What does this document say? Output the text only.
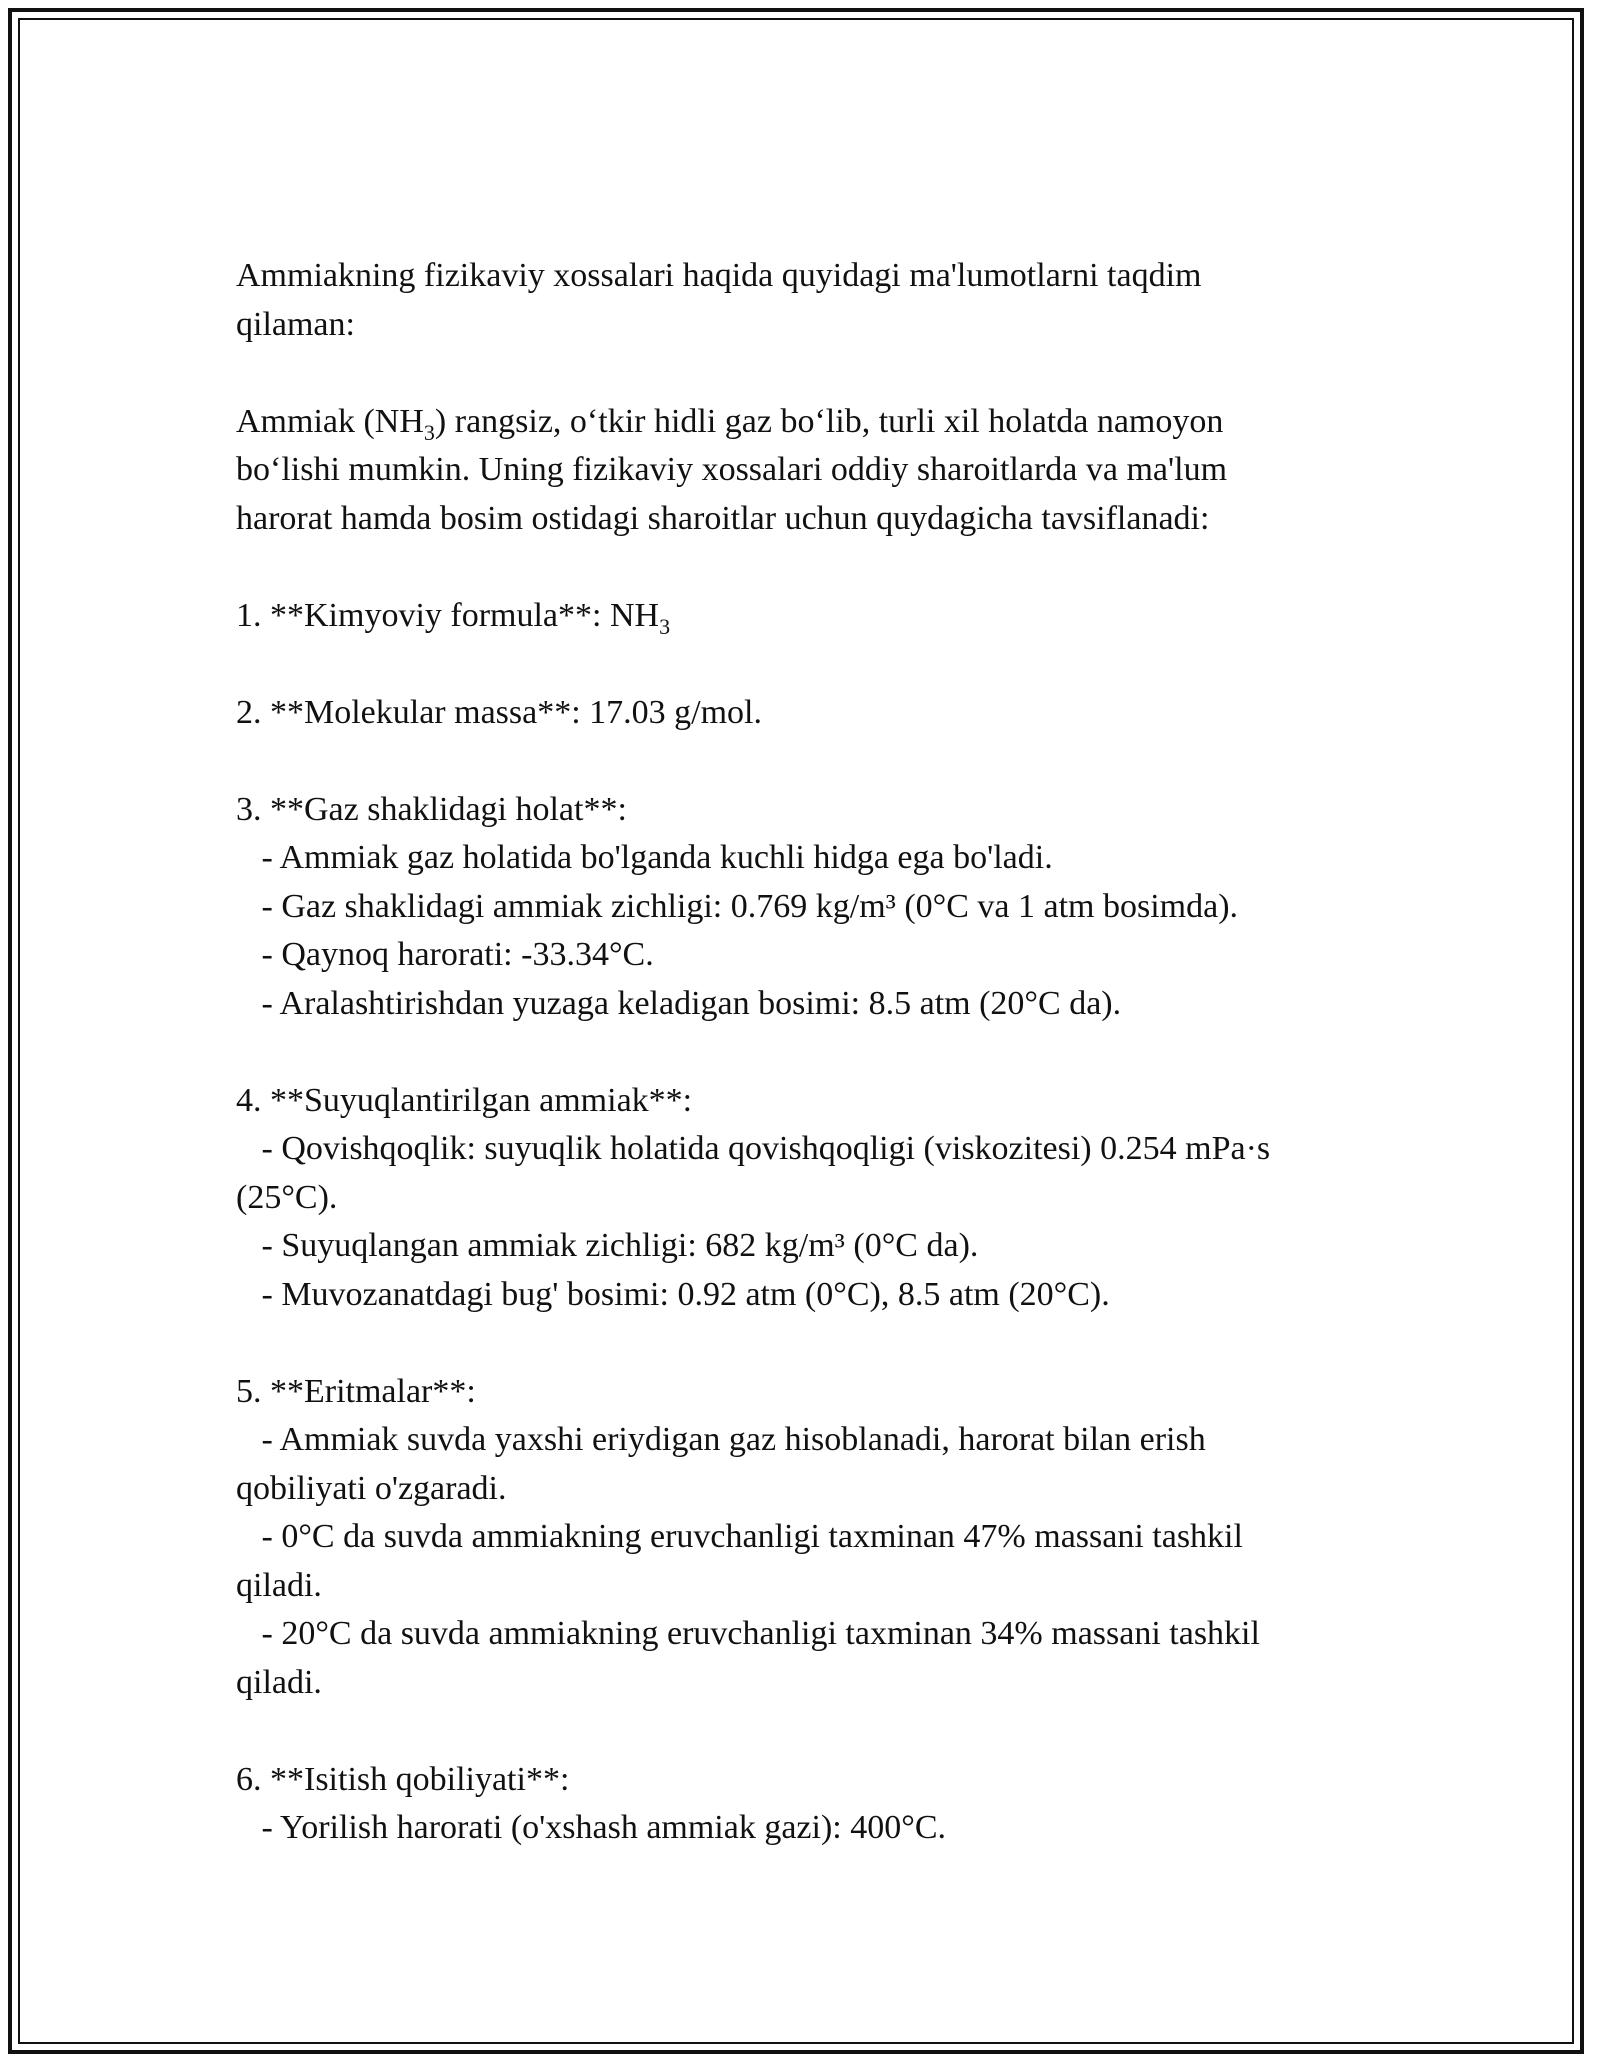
Ammiakning fizikaviy xossalari haqida quyidagi ma'lumotlarni taqdim
qilaman:
Ammiak $(NH_3)$ rangsiz, o‘tkir hidli gaz bo‘lib, turli xil holatda namoyon
bo‘lishi mumkin. Uning fizikaviy xossalari oddiy sharoitlarda va ma'lum
harorat hamda bosim ostidagi sharoitlar uchun quydagicha tavsiflanadi:
1. **Kimyoviy formula**: $NH_3$
2. **Molekular massa**: 17.03 g/mol.
3. **Gaz shaklidagi holat**:
- Ammiak gaz holatida bo'lganda kuchli hidga ega bo'ladi.
- Gaz shaklidagi ammiak zichligi: 0.769 kg/m³ (0°C va 1 atm bosimda).
- Qaynoq harorati: -33.34°C.
- Aralashtirishdan yuzaga keladigan bosimi: 8.5 atm (20°C da).
4. **Suyuqlantirilgan ammiak**:
- Qovishqoqlik: suyuqlik holatida qovishqoqligi (viskozitesi) 0.254 mPa·s
(25°C).
- Suyuqlangan ammiak zichligi: 682 kg/m³ (0°C da).
- Muvozanatdagi bug' bosimi: 0.92 atm (0°C), 8.5 atm (20°C).
5. **Eritmalar**:
- Ammiak suvda yaxshi eriydigan gaz hisoblanadi, harorat bilan erish
qobiliyati o'zgaradi.
- 0°C da suvda ammiakning eruvchanligi taxminan 47% massani tashkil
qiladi.
- 20°C da suvda ammiakning eruvchanligi taxminan 34% massani tashkil
qiladi.
6. **Isitish qobiliyati**:
- Yorilish harorati (o'xshash ammiak gazi): 400°C.
